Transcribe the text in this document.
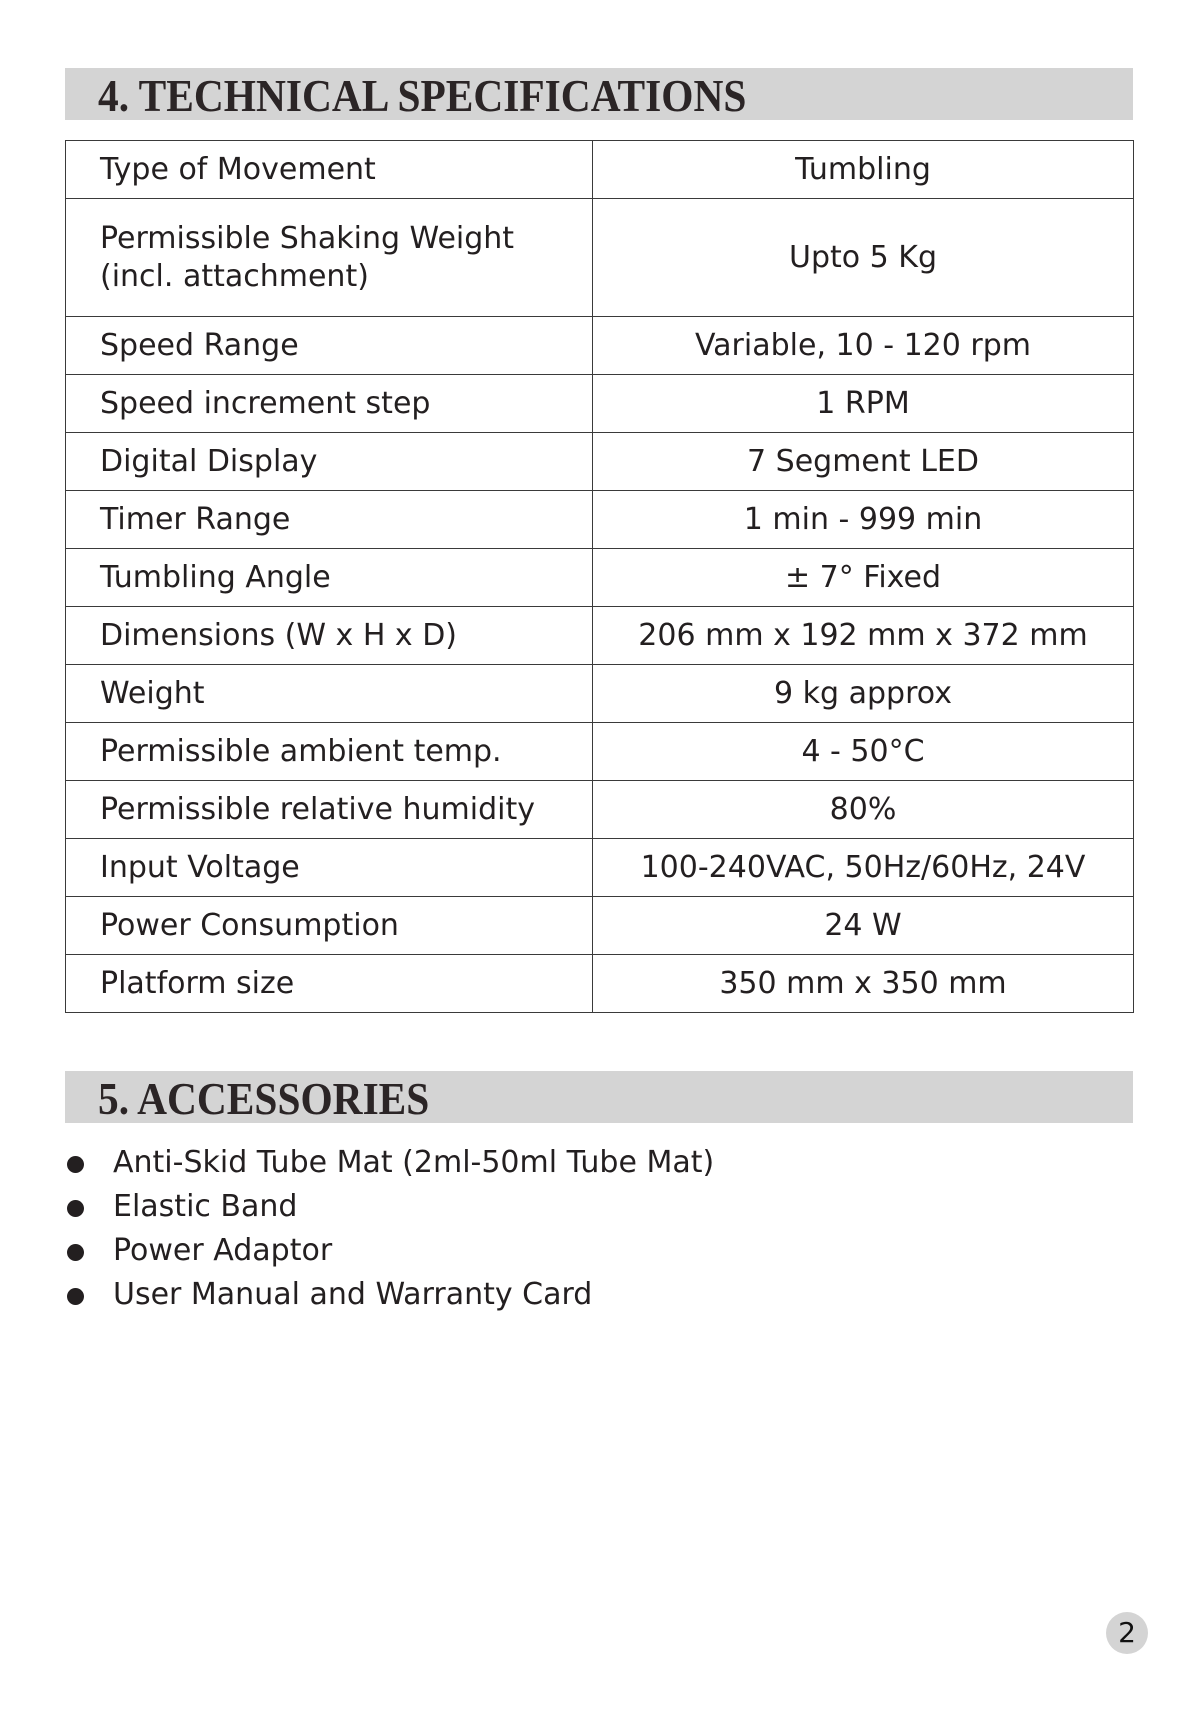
4. TECHNICAL SPECIFICATIONS
Type of Movement	Tumbling

Permissible Shaking Weight
(incl. attachment)	Upto 5 Kg

Speed Range	Variable, 10 - 120 rpm

Speed increment step	1 RPM

Digital Display	7 Segment LED

Timer Range	1 min - 999 min

Tumbling Angle	± 7° Fixed

Dimensions (W x H x D)	206 mm x 192 mm x 372 mm

Weight	9 kg approx

Permissible ambient temp.	4 - 50°C

Permissible relative humidity	80%

Input Voltage	100-240VAC, 50Hz/60Hz, 24V

Power Consumption	24 W

Platform size	350 mm x 350 mm
5. ACCESSORIES
Anti-Skid Tube Mat (2ml-50ml Tube Mat)
Elastic Band
Power Adaptor
User Manual and Warranty Card
2
